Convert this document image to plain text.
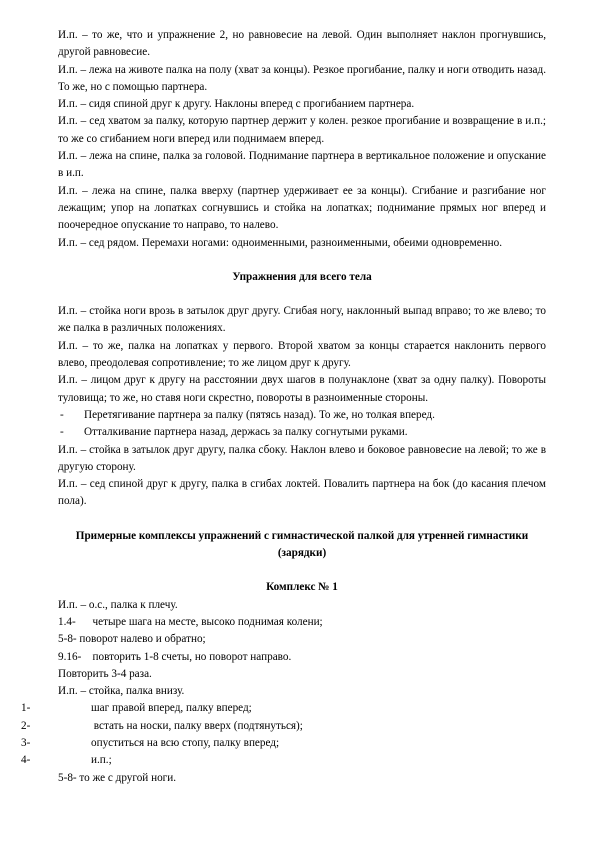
И.п. – то же, что и упражнение 2, но равновесие на левой. Один выполняет наклон прогнувшись, другой равновесие.

И.п. – лежа на животе палка на полу (хват за концы). Резкое прогибание, палку и ноги отводить назад. То же, но с помощью партнера.

И.п. – сидя спиной друг к другу. Наклоны вперед с прогибанием партнера.

И.п. – сед хватом за палку, которую партнер держит у колен. резкое прогибание и возвращение в и.п.; то же со сгибанием ноги вперед или поднимаем вперед.

И.п. – лежа на спине, палка за головой. Поднимание партнера в вертикальное положение и опускание в и.п.

И.п. – лежа на спине, палка вверху (партнер удерживает ее за концы). Сгибание и разгибание ног лежащим; упор на лопатках согнувшись и стойка на лопатках; поднимание прямых ног вперед и поочередное опускание то направо, то налево.

И.п. – сед рядом. Перемахи ногами: одноименными, разноименными, обеими одновременно.

Упражнения для всего тела

И.п. – стойка ноги врозь в затылок друг другу. Сгибая ногу, наклонный выпад вправо; то же влево; то же палка в различных положениях.

И.п. – то же, палка на лопатках у первого. Второй хватом за концы старается наклонить первого влево, преодолевая сопротивление; то же лицом друг к другу.

И.п. – лицом друг к другу на расстоянии двух шагов в полунаклоне (хват за одну палку). Повороты туловища; то же, но ставя ноги скрестно, повороты в разноименные стороны.

-	Перетягивание партнера за палку (пятясь назад). То же, но толкая вперед.
-	Отталкивание партнера назад, держась за палку согнутыми руками.

И.п. – стойка в затылок друг другу, палка сбоку. Наклон влево и боковое равновесие на левой; то же в другую сторону.

И.п. – сед спиной друг к другу, палка в сгибах локтей. Повалить партнера на бок (до касания плечом пола).

Примерные комплексы упражнений с гимнастической палкой для утренней гимнастики (зарядки)

Комплекс № 1

И.п. – о.с., палка к плечу.

1.4-      четыре шага на месте, высоко поднимая колени;

5-8- поворот налево и обратно;

9.16-    повторить 1-8 счеты, но поворот направо.

Повторить 3-4 раза.

И.п. – стойка, палка внизу.

1-	шаг правой вперед, палку вперед;
2-	встать на носки, палку вверх (подтянуться);
3-	опуститься на всю стопу, палку вперед;
4-	и.п.;

5-8- то же с другой ноги.
